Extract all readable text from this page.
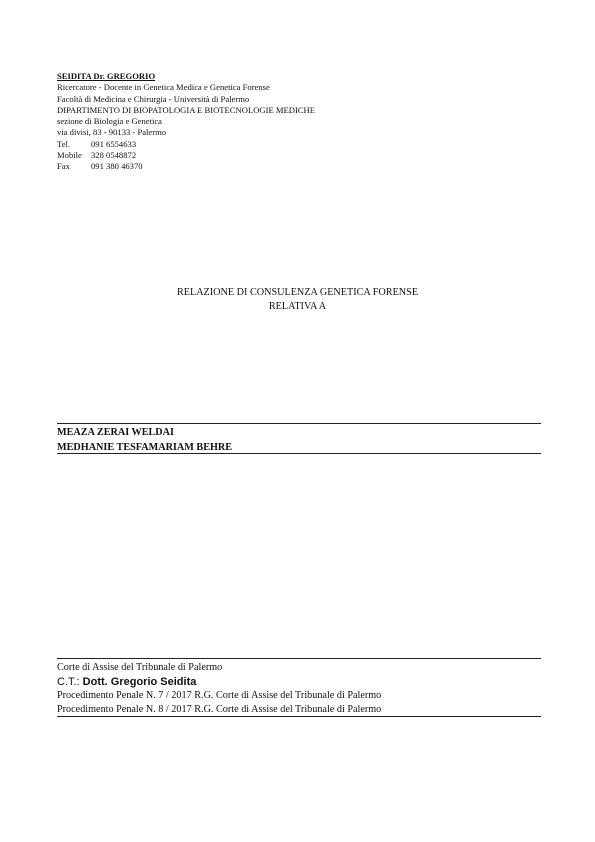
SEIDITA Dr. GREGORIO
Ricercatore - Docente in Genetica Medica e Genetica Forense
Facoltà di Medicina e Chirurgia - Università di Palermo
DIPARTIMENTO DI BIOPATOLOGIA E BIOTECNOLOGIE MEDICHE
sezione di Biologia e Genetica
via divisi, 83 - 90133 - Palermo
Tel.	091 6554633
Mobile	328 0548872
Fax	091 380 46370
RELAZIONE DI CONSULENZA GENETICA FORENSE
RELATIVA A
MEAZA ZERAI WELDAI
MEDHANIE TESFAMARIAM BEHRE
Corte di Assise del Tribunale di Palermo
C.T.: Dott. Gregorio Seidita
Procedimento Penale N. 7 / 2017 R.G. Corte di Assise del Tribunale di Palermo
Procedimento Penale N. 8 / 2017 R.G. Corte di Assise del Tribunale di Palermo
